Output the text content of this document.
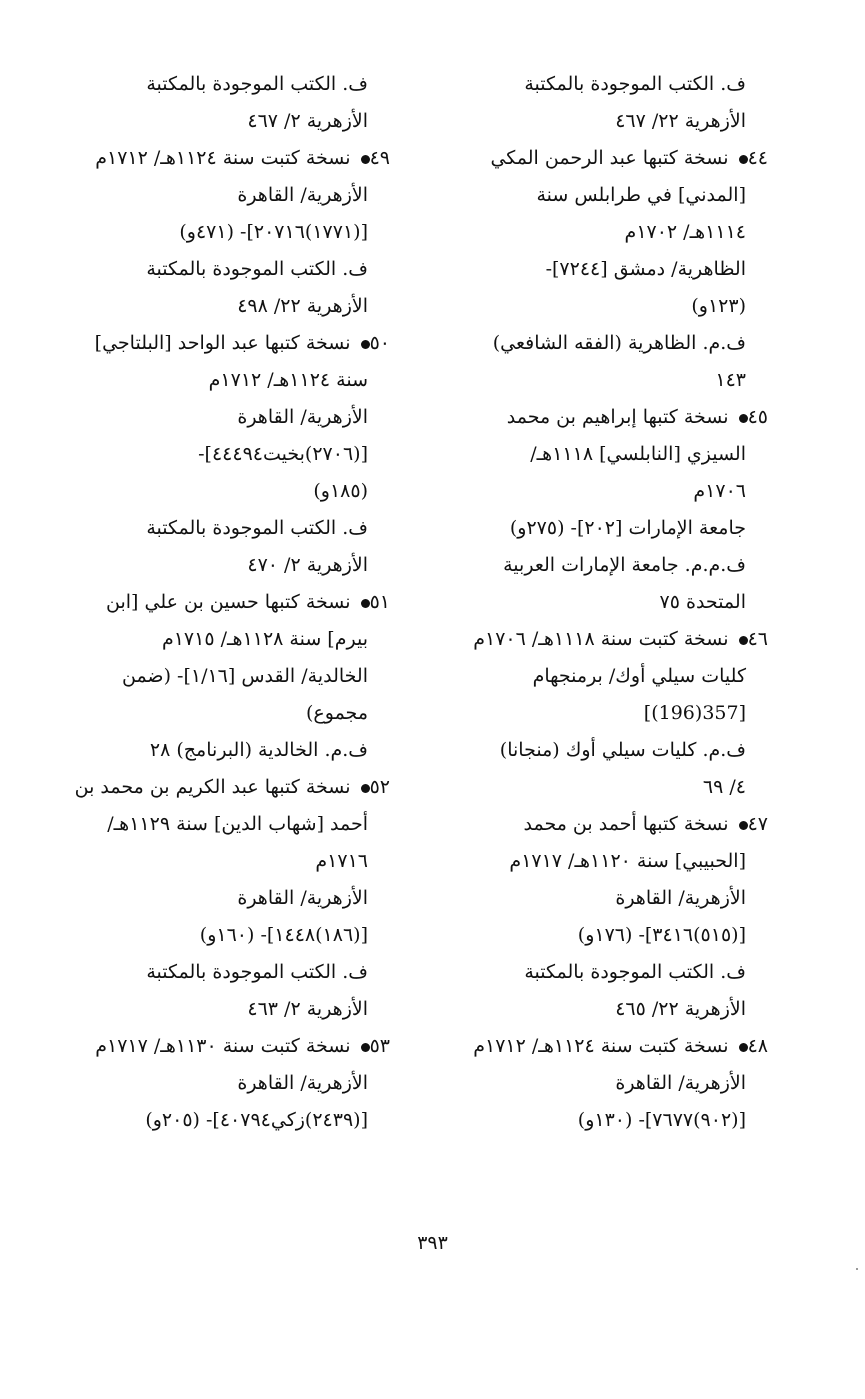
ف. الكتب الموجودة بالمكتبة
الأزهرية ٢٢/ ٤٦٧
٤٤ نسخة كتبها عبد الرحمن المكي
[المدني] في طرابلس سنة
١١١٤هـ/ ١٧٠٢م
الظاهرية/ دمشق [٧٢٤٤]-
(١٢٣و)
ف.م. الظاهرية (الفقه الشافعي)
١٤٣
٤٥ نسخة كتبها إبراهيم بن محمد
السيزي [النابلسي] ١١١٨هـ/
١٧٠٦م
جامعة الإمارات [٢٠٢]- (٢٧٥و)
ف.م.م. جامعة الإمارات العربية
المتحدة ٧٥
٤٦ نسخة كتبت سنة ١١١٨هـ/ ١٧٠٦م
كليات سيلي أوك/ برمنجهام
[357(196)]
ف.م. كليات سيلي أوك (منجانا)
٤/ ٦٩
٤٧ نسخة كتبها أحمد بن محمد
[الحبيبي] سنة ١١٢٠هـ/ ١٧١٧م
الأزهرية/ القاهرة
[(٥١٥)٣٤١٦]- (١٧٦و)
ف. الكتب الموجودة بالمكتبة
الأزهرية ٢٢/ ٤٦٥
٤٨ نسخة كتبت سنة ١١٢٤هـ/ ١٧١٢م
الأزهرية/ القاهرة
[(٩٠٢)٧٦٧٧]- (١٣٠و)
ف. الكتب الموجودة بالمكتبة
الأزهرية ٢/ ٤٦٧
٤٩ نسخة كتبت سنة ١١٢٤هـ/ ١٧١٢م
الأزهرية/ القاهرة
[(١٧٧١)٢٠٧١٦]- (٤٧١و)
ف. الكتب الموجودة بالمكتبة
الأزهرية ٢٢/ ٤٩٨
٥٠ نسخة كتبها عبد الواحد [البلتاجي]
سنة ١١٢٤هـ/ ١٧١٢م
الأزهرية/ القاهرة
[(٢٧٠٦)بخيت٤٤٤٩٤]-
(١٨٥و)
ف. الكتب الموجودة بالمكتبة
الأزهرية ٢/ ٤٧٠
٥١ نسخة كتبها حسين بن علي [ابن
بيرم] سنة ١١٢٨هـ/ ١٧١٥م
الخالدية/ القدس [١/١٦]- (ضمن
مجموع)
ف.م. الخالدية (البرنامج) ٢٨
٥٢ نسخة كتبها عبد الكريم بن محمد بن
أحمد [شهاب الدين] سنة ١١٢٩هـ/
١٧١٦م
الأزهرية/ القاهرة
[(١٨٦)١٤٤٨]- (١٦٠و)
ف. الكتب الموجودة بالمكتبة
الأزهرية ٢/ ٤٦٣
٥٣ نسخة كتبت سنة ١١٣٠هـ/ ١٧١٧م
الأزهرية/ القاهرة
[(٢٤٣٩)زكي٤٠٧٩٤]- (٢٠٥و)
٣٩٣
